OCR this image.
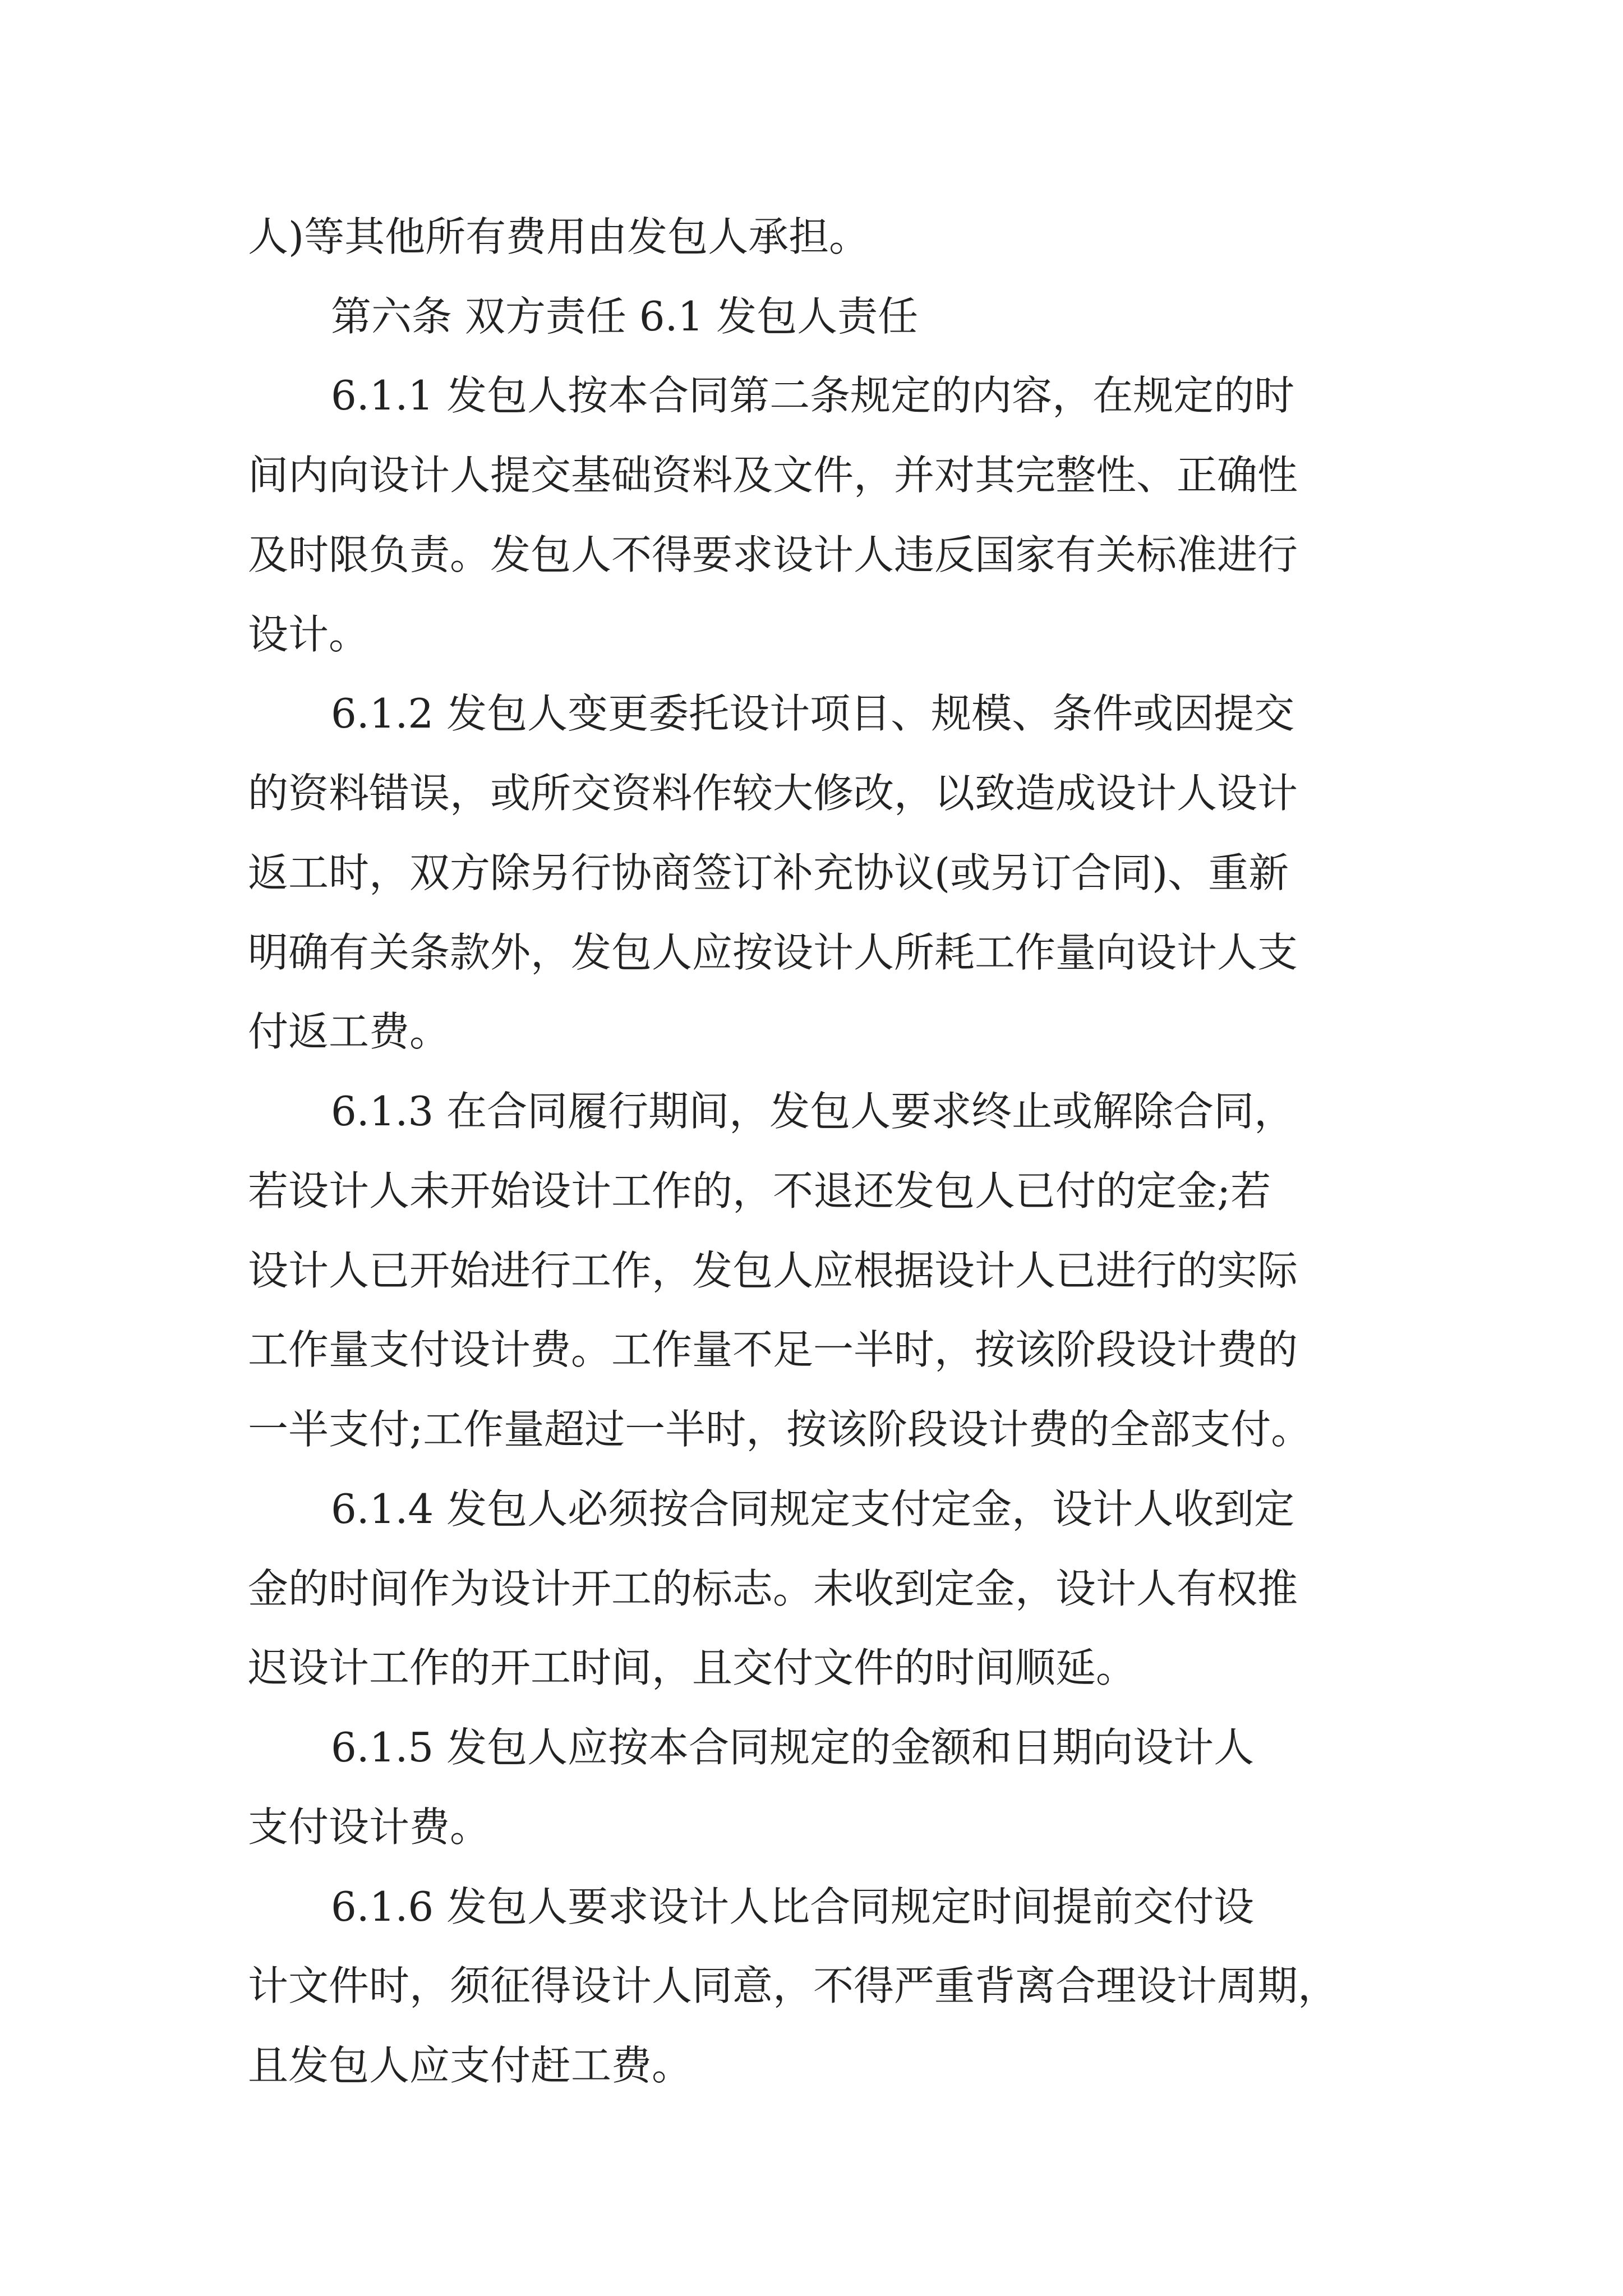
人)等其他所有费用由发包人承担。
第六条 双方责任 6.1 发包人责任
6.1.1 发包人按本合同第二条规定的内容，在规定的时
间内向设计人提交基础资料及文件，并对其完整性、正确性
及时限负责。发包人不得要求设计人违反国家有关标准进行
设计。
6.1.2 发包人变更委托设计项目、规模、条件或因提交
的资料错误，或所交资料作较大修改，以致造成设计人设计
返工时，双方除另行协商签订补充协议(或另订合同)、重新
明确有关条款外，发包人应按设计人所耗工作量向设计人支
付返工费。
6.1.3 在合同履行期间，发包人要求终止或解除合同，
若设计人未开始设计工作的，不退还发包人已付的定金;若
设计人已开始进行工作，发包人应根据设计人已进行的实际
工作量支付设计费。工作量不足一半时，按该阶段设计费的
一半支付;工作量超过一半时，按该阶段设计费的全部支付。
6.1.4 发包人必须按合同规定支付定金，设计人收到定
金的时间作为设计开工的标志。未收到定金，设计人有权推
迟设计工作的开工时间，且交付文件的时间顺延。
6.1.5 发包人应按本合同规定的金额和日期向设计人
支付设计费。
6.1.6 发包人要求设计人比合同规定时间提前交付设
计文件时，须征得设计人同意，不得严重背离合理设计周期，
且发包人应支付赶工费。
